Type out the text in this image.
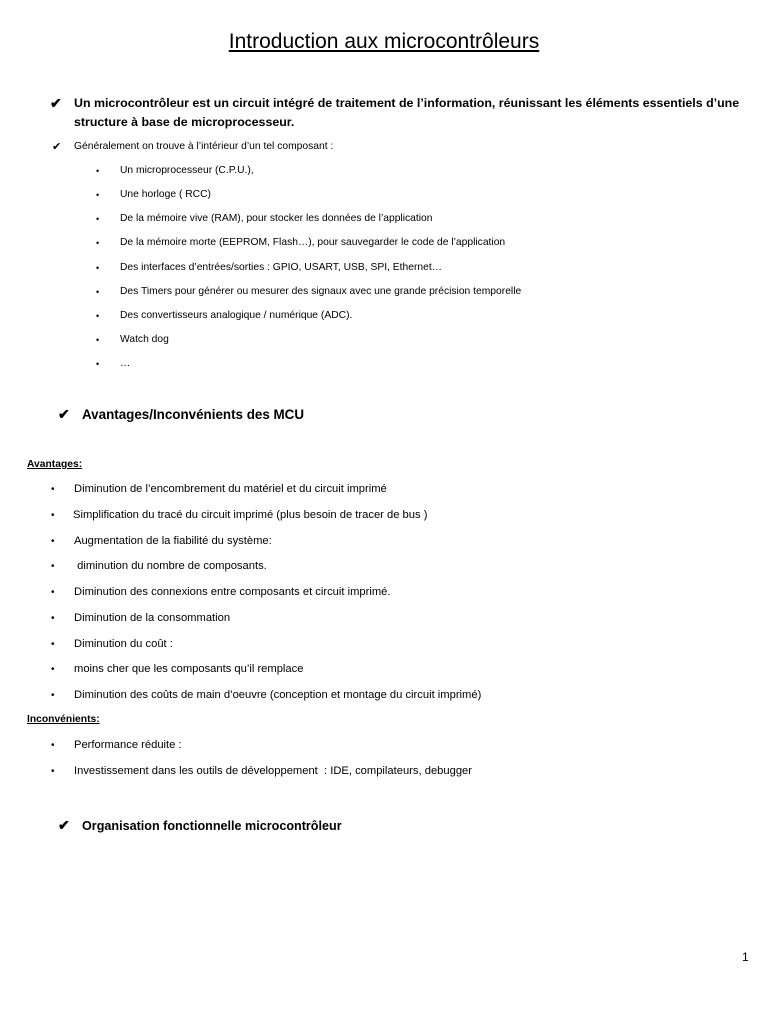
Introduction aux microcontrôleurs
✔ Un microcontrôleur est un circuit intégré de traitement de l’information, réunissant les éléments essentiels d’une structure à base de microprocesseur.
✔ Généralement on trouve à l’intérieur d’un tel composant :
• Un microprocesseur (C.P.U.),
• Une horloge ( RCC)
• De la mémoire vive (RAM), pour stocker les données de l’application
• De la mémoire morte (EEPROM, Flash…), pour sauvegarder le code de l’application
• Des interfaces d’entrées/sorties : GPIO, USART, USB, SPI, Ethernet…
• Des Timers pour générer ou mesurer des signaux avec une grande précision temporelle
• Des convertisseurs analogique / numérique (ADC).
• Watch dog
• …
✔ Avantages/Inconvénients des MCU
Avantages:
• Diminution de l’encombrement du matériel et du circuit imprimé
• Simplification du tracé du circuit imprimé (plus besoin de tracer de bus )
• Augmentation de la fiabilité du système:
• diminution du nombre de composants.
• Diminution des connexions entre composants et circuit imprimé.
• Diminution de la consommation
• Diminution du coût :
• moins cher que les composants qu’il remplace
• Diminution des coûts de main d’oeuvre (conception et montage du circuit imprimé)
Inconvénients:
• Performance réduite :
• Investissement dans les outils de développement  : IDE, compilateurs, debugger
✔ Organisation fonctionnelle microcontrôleur
1
